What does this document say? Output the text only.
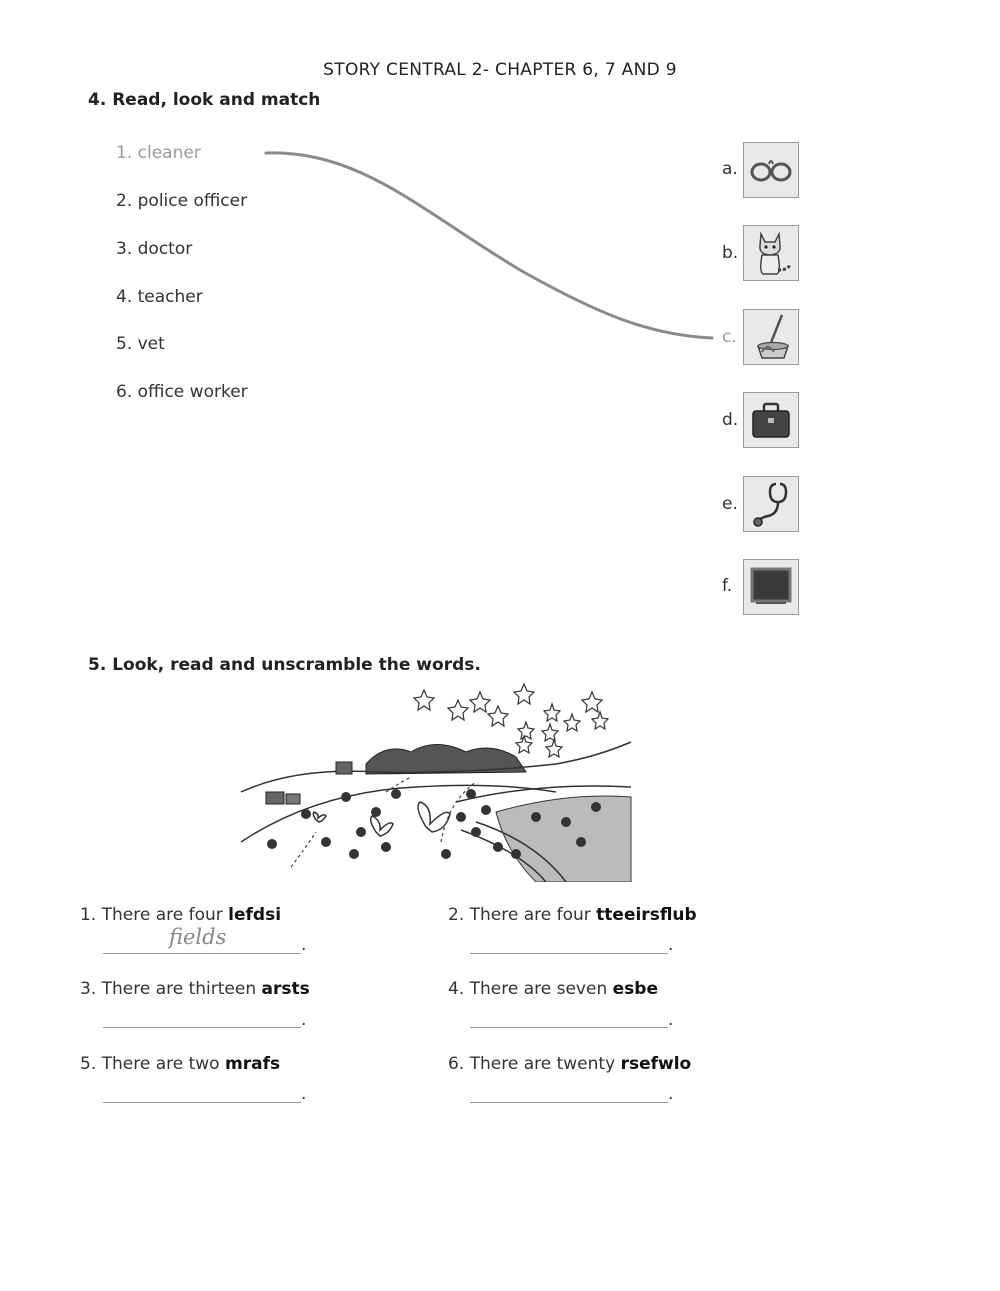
STORY CENTRAL 2- CHAPTER 6, 7 AND 9
4. Read, look and match
1. cleaner
2. police officer
3. doctor
4. teacher
5. vet
6. office worker
a.
b.
c.
d.
e.
f.
5. Look, read and unscramble the words.
1. There are four lefdsi	2. There are four tteeirsflub
3. There are thirteen arsts	4. There are seven esbe
5. There are two mrafs	6. There are twenty rsefwlo
fields	.	.
.	.
.	.
